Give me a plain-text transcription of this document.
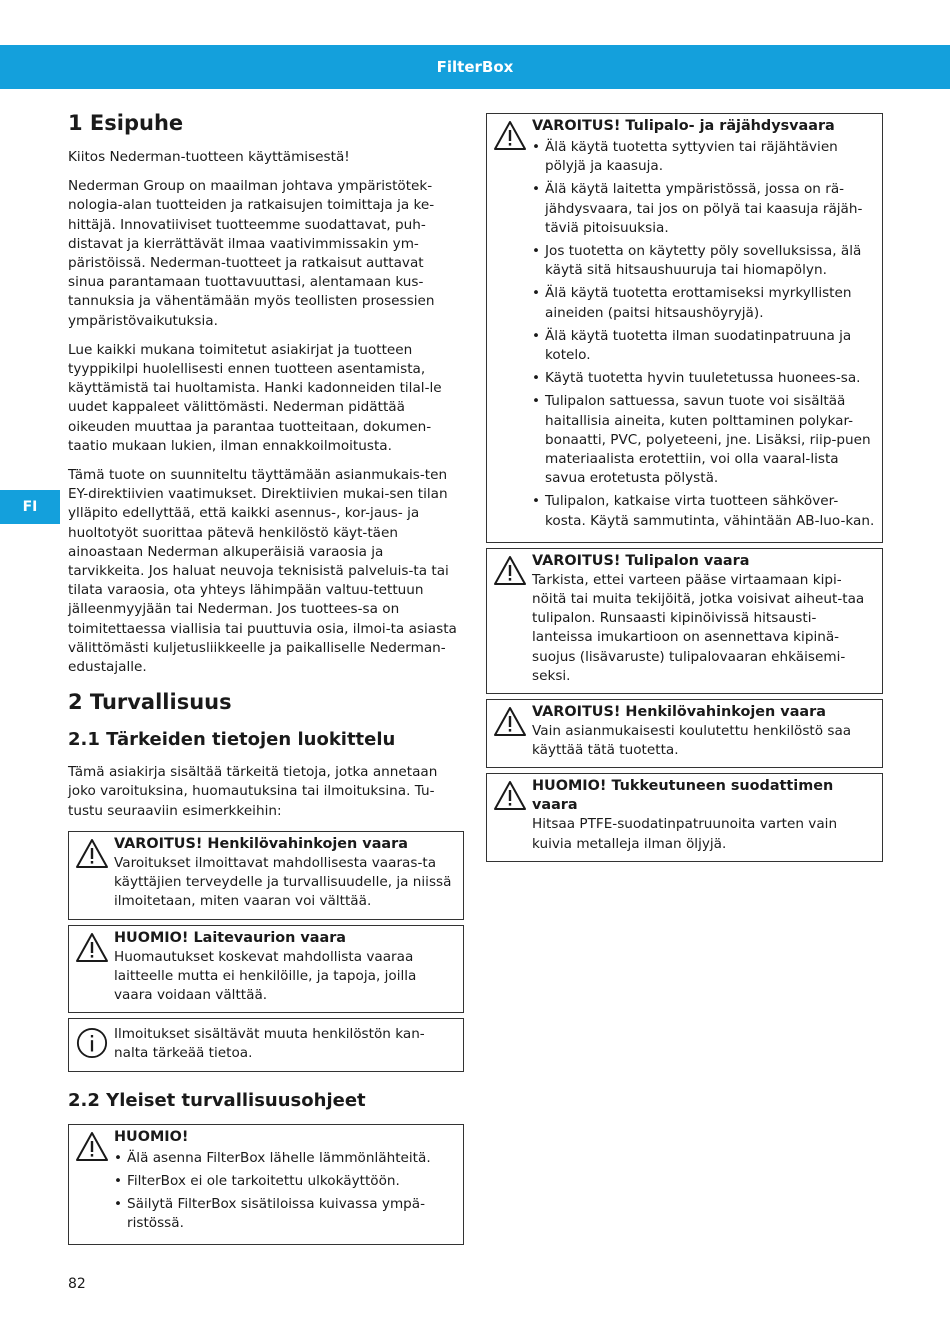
FilterBox
FI
1 Esipuhe

Kiitos Nederman-tuotteen käyttämisestä!

Nederman Group on maailman johtava ympäristötek-nologia-alan tuotteiden ja ratkaisujen toimittaja ja ke-hittäjä. Innovatiiviset tuotteemme suodattavat, puh-distavat ja kierrättävät ilmaa vaativimmissakin ym-päristöissä. Nederman-tuotteet ja ratkaisut auttavat sinua parantamaan tuottavuuttasi, alentamaan kus-tannuksia ja vähentämään myös teollisten prosessien ympäristövaikutuksia.

Lue kaikki mukana toimitetut asiakirjat ja tuotteen tyyppikilpi huolellisesti ennen tuotteen asentamista, käyttämistä tai huoltamista. Hanki kadonneiden tilal-le uudet kappaleet välittömästi. Nederman pidättää oikeuden muuttaa ja parantaa tuotteitaan, dokumen-taatio mukaan lukien, ilman ennakkoilmoitusta.

Tämä tuote on suunniteltu täyttämään asianmukais-ten EY-direktiivien vaatimukset. Direktiivien mukai-sen tilan ylläpito edellyttää, että kaikki asennus-, kor-jaus- ja huoltotyöt suorittaa pätevä henkilöstö käyt-täen ainoastaan Nederman alkuperäisiä varaosia ja tarvikkeita. Jos haluat neuvoja teknisistä palveluis-ta tai tilata varaosia, ota yhteys lähimpään valtuu-tettuun jälleenmyyjään tai Nederman. Jos tuottees-sa on toimitettaessa viallisia tai puuttuvia osia, ilmoi-ta asiasta välittömästi kuljetusliikkeelle ja paikalliselle Nederman-edustajalle.

2 Turvallisuus
2.1 Tärkeiden tietojen luokittelu

Tämä asiakirja sisältää tärkeitä tietoja, jotka annetaan joko varoituksina, huomautuksina tai ilmoituksina. Tu-tustu seuraaviin esimerkkeihin:

VAROITUS! Henkilövahinkojen vaara
Varoitukset ilmoittavat mahdollisesta vaaras-ta käyttäjien terveydelle ja turvallisuudelle, ja niissä ilmoitetaan, miten vaaran voi välttää.
HUOMIO! Laitevaurion vaara
Huomautukset koskevat mahdollista vaaraa laitteelle mutta ei henkilöille, ja tapoja, joilla vaara voidaan välttää.
Ilmoitukset sisältävät muuta henkilöstön kan-nalta tärkeää tietoa.
2.2 Yleiset turvallisuusohjeet
HUOMIO!
• Älä asenna FilterBox lähelle lämmönlähteitä.
• FilterBox ei ole tarkoitettu ulkokäyttöön.
• Säilytä FilterBox sisätiloissa kuivassa ympä-ristössä.
VAROITUS! Tulipalo- ja räjähdysvaara
• Älä käytä tuotetta syttyvien tai räjähtävien pölyjä ja kaasuja.
• Älä käytä laitetta ympäristössä, jossa on rä-jähdysvaara, tai jos on pölyä tai kaasuja räjäh-täviä pitoisuuksia.
• Jos tuotetta on käytetty pöly sovelluksissa, älä käytä sitä hitsaushuuruja tai hiomapölyn.
• Älä käytä tuotetta erottamiseksi myrkyllisten aineiden (paitsi hitsaushöyryjä).
• Älä käytä tuotetta ilman suodatinpatruuna ja kotelo.
• Käytä tuotetta hyvin tuuletetussa huonees-sa.
• Tulipalon sattuessa, savun tuote voi sisältää haitallisia aineita, kuten polttaminen polykar-bonaatti, PVC, polyeteeni, jne. Lisäksi, riip-puen materiaalista erotettiin, voi olla vaaral-lista savua erotetusta pölystä.
• Tulipalon, katkaise virta tuotteen sähköver-kosta. Käytä sammutinta, vähintään AB-luo-kan.
VAROITUS! Tulipalon vaara
Tarkista, ettei varteen pääse virtaamaan kipi-nöitä tai muita tekijöitä, jotka voisivat aiheut-taa tulipalon. Runsaasti kipinöivissä hitsausti-lanteissa imukartioon on asennettava kipinä-suojus (lisävaruste) tulipalovaaran ehkäisemi-seksi.
VAROITUS! Henkilövahinkojen vaara
Vain asianmukaisesti koulutettu henkilöstö saa käyttää tätä tuotetta.
HUOMIO! Tukkeutuneen suodattimen vaara
Hitsaa PTFE-suodatinpatruunoita varten vain kuivia metalleja ilman öljyjä.
82
